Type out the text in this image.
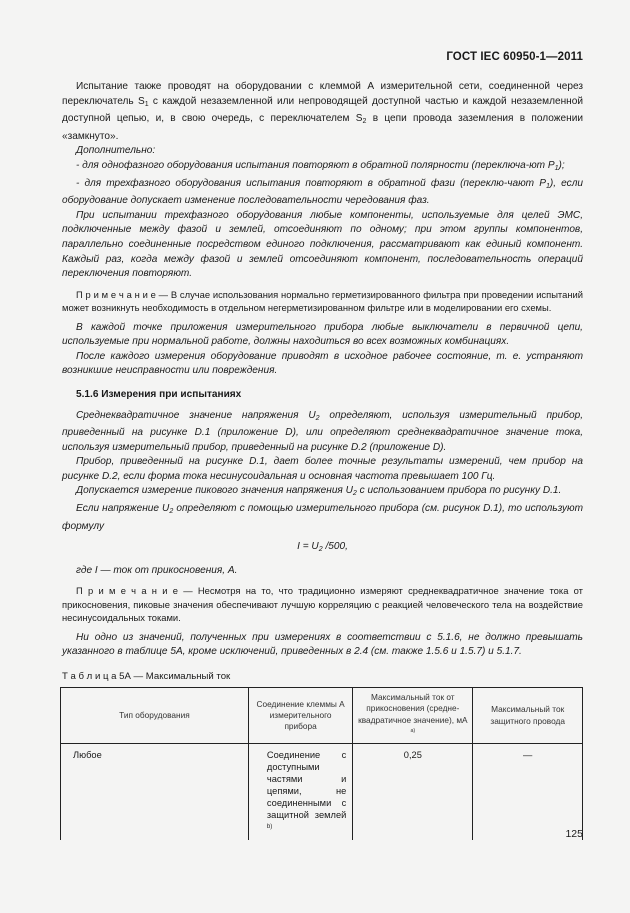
ГОСТ IEC 60950-1—2011

Испытание также проводят на оборудовании с клеммой А измерительной сети, соединенной через переключатель $S_1$ с каждой незаземленной или непроводящей доступной частью и каждой незаземленной доступной цепью, и, в свою очередь, с переключателем $S_2$ в цепи провода заземления в положении «замкнуто».

Дополнительно:

- для однофазного оборудования испытания повторяют в обратной полярности (переключа-ют $P_1$);

- для трехфазного оборудования испытания повторяют в обратной фази (переклю-чают $P_1$), если оборудование допускает изменение последовательности чередования фаз.

При испытании трехфазного оборудования любые компоненты, используемые для целей ЭМС, подключенные между фазой и землей, отсоединяют по одному; при этом группы компонентов, параллельно соединенные посредством единого подключения, рассматривают как единый компонент. Каждый раз, когда между фазой и землей отсоединяют компонент, последовательность операций переключения повторяют.

П р и м е ч а н и е — В случае использования нормально герметизированного фильтра при проведении испытаний может возникнуть необходимость в отдельном негерметизированном фильтре или в моделировании его схемы.

В каждой точке приложения измерительного прибора любые выключатели в первичной цепи, используемые при нормальной работе, должны находиться во всех возможных комбинациях.

После каждого измерения оборудование приводят в исходное рабочее состояние, т. е. устраняют возникшие неисправности или повреждения.

5.1.6 Измерения при испытаниях

Среднеквадратичное значение напряжения $U_2$ определяют, используя измерительный прибор, приведенный на рисунке D.1 (приложение D), или определяют среднеквадратичное значение тока, используя измерительный прибор, приведенный на рисунке D.2 (приложение D).

Прибор, приведенный на рисунке D.1, дает более точные результаты измерений, чем прибор на рисунке D.2, если форма тока несинусоидальная и основная частота превышает 100 Гц.

Допускается измерение пикового значения напряжения $U_2$ с использованием прибора по рисунку D.1.

Если напряжение $U_2$ определяют с помощью измерительного прибора (см. рисунок D.1), то используют формулу

$I = U_2$ /500,

где I — ток от прикосновения, А.

П р и м е ч а н и е — Несмотря на то, что традиционно измеряют среднеквадратичное значение тока от прикосновения, пиковые значения обеспечивают лучшую корреляцию с реакцией человеческого тела на воздействие несинусоидальных токами.

Ни одно из значений, полученных при измерениях в соответствии с 5.1.6, не должно превышать указанного в таблице 5А, кроме исключений, приведенных в 2.4 (см. также 1.5.6 и 1.5.7) и 5.1.7.

Т а б л и ц а 5А — Максимальный ток
Тип оборудования	Соединение клеммы А измерительного прибора	Максимальный ток от прикосновения (средне-квадратичное значение), мА $^{a)}$	Максимальный ток защитного провода
Любое	Соединение с доступными частями и цепями, не соединенными с защитной землей $^{b)}$	0,25	—
125
